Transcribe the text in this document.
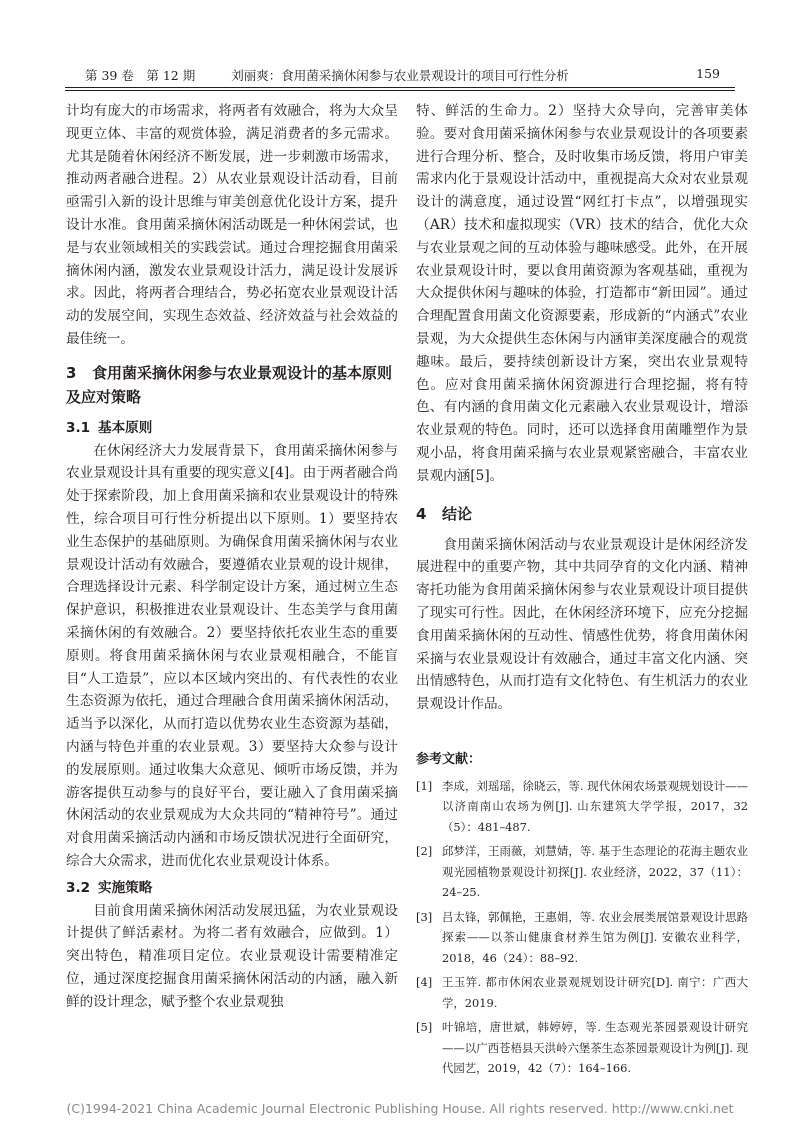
第 39 卷　第 12 期	刘丽爽：食用菌采摘休闲参与农业景观设计的项目可行性分析	159

计均有庞大的市场需求，将两者有效融合，将为大众呈现更立体、丰富的观赏体验，满足消费者的多元需求。尤其是随着休闲经济不断发展，进一步刺激市场需求，推动两者融合进程。2）从农业景观设计活动看，目前亟需引入新的设计思维与审美创意优化设计方案，提升设计水准。食用菌采摘休闲活动既是一种休闲尝试，也是与农业领域相关的实践尝试。通过合理挖掘食用菌采摘休闲内涵，激发农业景观设计活力，满足设计发展诉求。因此，将两者合理结合，势必拓宽农业景观设计活动的发展空间，实现生态效益、经济效益与社会效益的最佳统一。

3 食用菌采摘休闲参与农业景观设计的基本原则及应对策略
3.1 基本原则

在休闲经济大力发展背景下，食用菌采摘休闲参与农业景观设计具有重要的现实意义[4]。由于两者融合尚处于探索阶段，加上食用菌采摘和农业景观设计的特殊性，综合项目可行性分析提出以下原则。1）要坚持农业生态保护的基础原则。为确保食用菌采摘休闲与农业景观设计活动有效融合，要遵循农业景观的设计规律，合理选择设计元素、科学制定设计方案，通过树立生态保护意识，积极推进农业景观设计、生态美学与食用菌采摘休闲的有效融合。2）要坚持依托农业生态的重要原则。将食用菌采摘休闲与农业景观相融合，不能盲目“人工造景”，应以本区域内突出的、有代表性的农业生态资源为依托，通过合理融合食用菌采摘休闲活动，适当予以深化，从而打造以优势农业生态资源为基础，内涵与特色并重的农业景观。3）要坚持大众参与设计的发展原则。通过收集大众意见、倾听市场反馈，并为游客提供互动参与的良好平台，要让融入了食用菌采摘休闲活动的农业景观成为大众共同的“精神符号”。通过对食用菌采摘活动内涵和市场反馈状况进行全面研究，综合大众需求，进而优化农业景观设计体系。

3.2 实施策略

目前食用菌采摘休闲活动发展迅猛，为农业景观设计提供了鲜活素材。为将二者有效融合，应做到。1）突出特色，精准项目定位。农业景观设计需要精准定位，通过深度挖掘食用菌采摘休闲活动的内涵，融入新鲜的设计理念，赋予整个农业景观独

特、鲜活的生命力。2）坚持大众导向，完善审美体验。要对食用菌采摘休闲参与农业景观设计的各项要素进行合理分析、整合，及时收集市场反馈，将用户审美需求内化于景观设计活动中，重视提高大众对农业景观设计的满意度，通过设置“网红打卡点”，以增强现实（AR）技术和虚拟现实（VR）技术的结合，优化大众与农业景观之间的互动体验与趣味感受。此外，在开展农业景观设计时，要以食用菌资源为客观基础，重视为大众提供休闲与趣味的体验，打造都市“新田园”。通过合理配置食用菌文化资源要素，形成新的“内涵式”农业景观，为大众提供生态休闲与内涵审美深度融合的观赏趣味。最后，要持续创新设计方案，突出农业景观特色。应对食用菌采摘休闲资源进行合理挖掘，将有特色、有内涵的食用菌文化元素融入农业景观设计，增添农业景观的特色。同时，还可以选择食用菌雕塑作为景观小品，将食用菌采摘与农业景观紧密融合，丰富农业景观内涵[5]。

4 结论

食用菌采摘休闲活动与农业景观设计是休闲经济发展进程中的重要产物，其中共同孕育的文化内涵、精神寄托功能为食用菌采摘休闲参与农业景观设计项目提供了现实可行性。因此，在休闲经济环境下，应充分挖掘食用菌采摘休闲的互动性、情感性优势，将食用菌休闲采摘与农业景观设计有效融合，通过丰富文化内涵、突出情感特色，从而打造有文化特色、有生机活力的农业景观设计作品。

参考文献：
[1] 李成，刘瑶瑶，徐晓云，等. 现代休闲农场景观规划设计——以济南南山农场为例[J]. 山东建筑大学学报，2017，32（5）：481–487.
[2] 邱梦洋，王雨薇，刘慧婧，等. 基于生态理论的花海主题农业观光园植物景观设计初探[J]. 农业经济，2022，37（11）：24–25.
[3] 吕太锋，郭佩艳，王惠娟，等. 农业会展类展馆景观设计思路探索——以茶山健康食材养生馆为例[J]. 安徽农业科学，2018，46（24）：88–92.
[4] 王玉笄. 都市休闲农业景观规划设计研究[D]. 南宁：广西大学，2019.
[5] 叶锦培，唐世斌，韩婷婷，等. 生态观光茶园景观设计研究——以广西苍梧县天洪岭六堡茶生态茶园景观设计为例[J]. 现代园艺，2019，42（7）：164–166.
(C)1994-2021 China Academic Journal Electronic Publishing House. All rights reserved. http://www.cnki.net
